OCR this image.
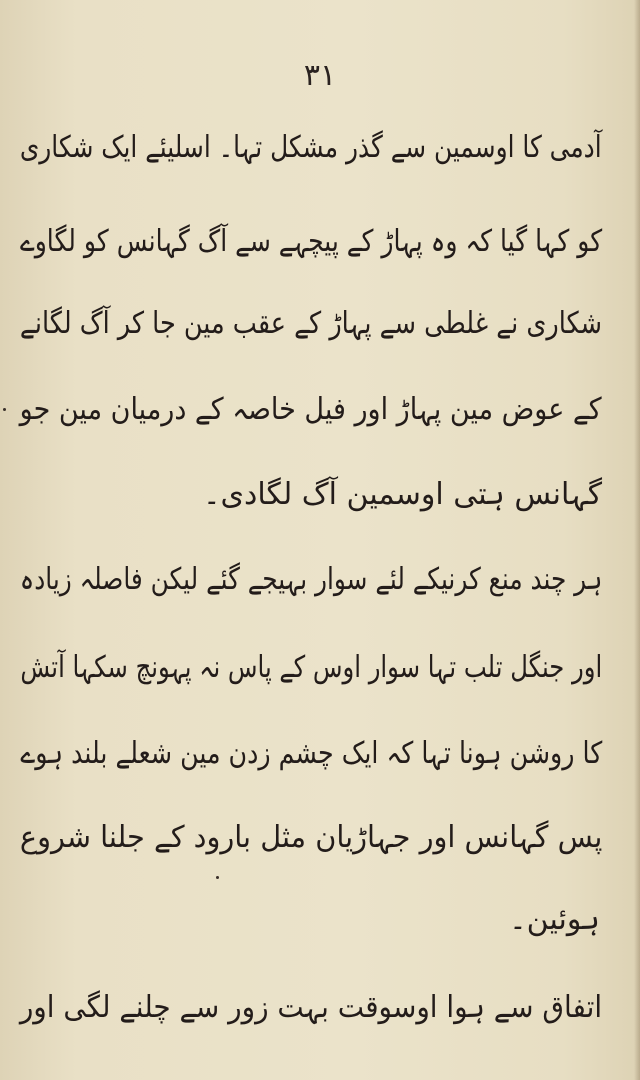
۳۱
آدمی کا اوسمین سے گذر مشکل تہا۔ اسلیئے ایک شکاری
کو کہا گیا کہ وہ پہاڑ کے پیچہے سے آگ گہانس کو لگاوے
شکاری نے غلطی سے پہاڑ کے عقب مین جا کر آگ لگانے
کے عوض مین پہاڑ اور فیل خاصہ کے درمیان مین جو
گہانس ہتی اوسمین آگ لگادی۔
ہر چند منع کرنیکے لئے سوار بہیجے گئے لیکن فاصلہ زیادہ
اور جنگل تلب تہا سوار اوس کے پاس نہ پہونچ سکہا آتش
کا روشن ہونا تہا کہ ایک چشم زدن مین شعلے بلند ہوے
پس گہانس اور جہاڑیان مثل بارود کے جلنا شروع
ہوئین۔
اتفاق سے ہوا اوسوقت بہت زور سے چلنے لگی اور
